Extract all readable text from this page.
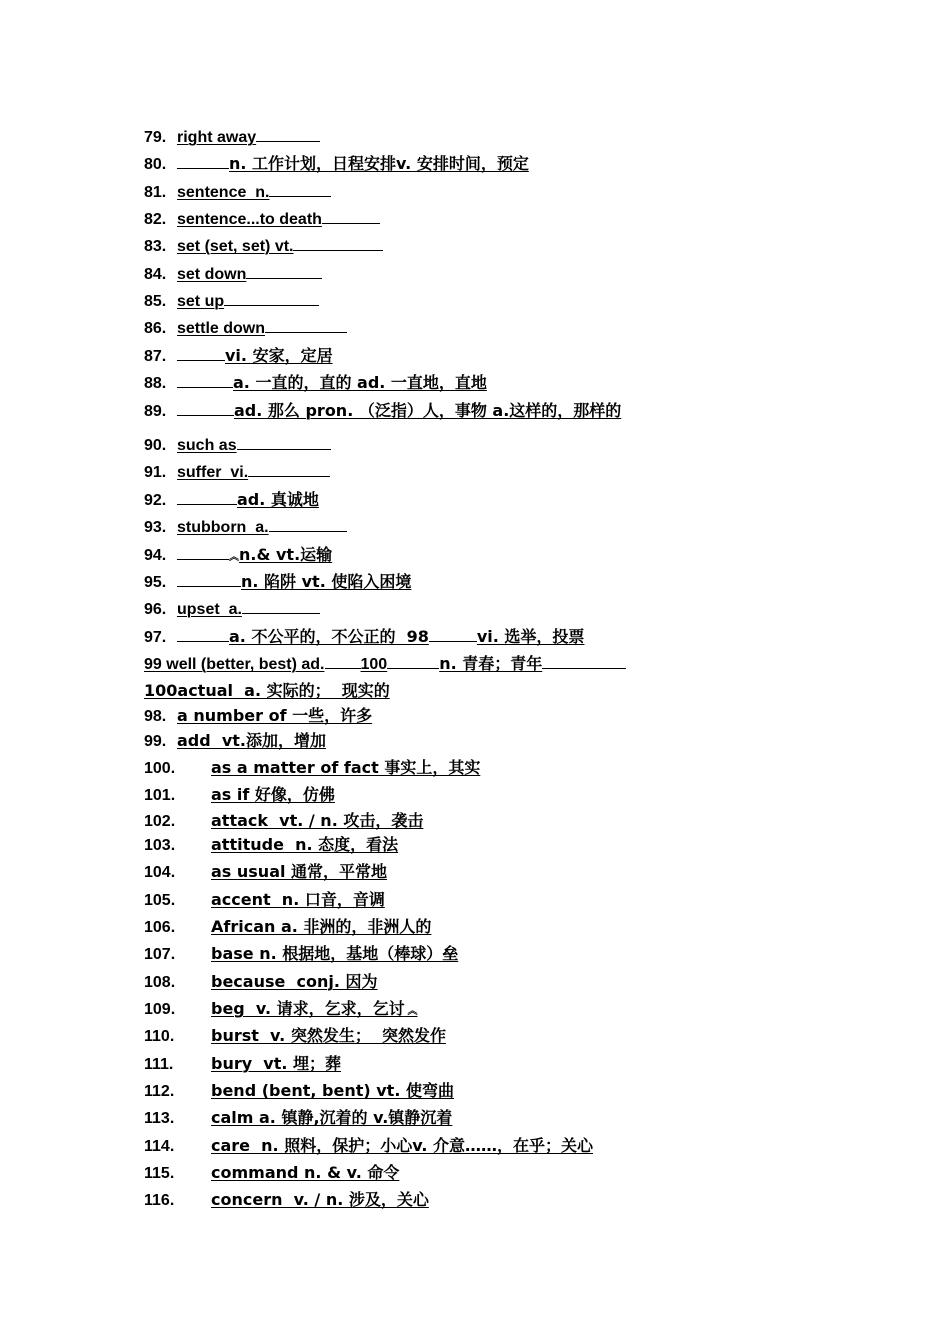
79. right away
80.	n. 工作计划，日程安排v. 安排时间，预定
81. sentence  n.
82. sentence...to death
83. set (set, set) vt.
84. set down
85. set up
86. settle down
87.	vi. 安家，定居
88.	a. 一直的，直的 ad. 一直地，直地
89.	ad. 那么 pron. （泛指）人，事物 a.这样的，那样的
90. such as
91. suffer  vi.
92.	ad. 真诚地
93. stubborn  a.
94.	︽n.& vt.运输
95.	n. 陷阱 vt. 使陷入困境
96. upset  a.
97.	a. 不公平的，不公正的  98	vi. 选举，投票
99 well (better, best) ad. 100	n. 青春；青年
100actual  a. 实际的；  现实的
98. a number of 一些，许多
99. add  vt.添加，增加
100. as a matter of fact 事实上，其实
101. as if 好像，仿佛
102. attack  vt. / n. 攻击，袭击
103. attitude  n. 态度，看法
104. as usual 通常，平常地
105. accent  n. 口音，音调
106. African a. 非洲的，非洲人的
107. base n. 根据地，基地（棒球）垒
108. because  conj. 因为
109. beg  v. 请求，乞求，乞讨 ︽
110. burst  v. 突然发生；  突然发作
111. bury  vt. 埋；葬
112. bend (bent, bent) vt. 使弯曲
113. calm a. 镇静,沉着的 v.镇静沉着
114. care  n. 照料，保护；小心v. 介意……，在乎；关心
115. command n. & v. 命令
116. concern  v. / n. 涉及，关心
